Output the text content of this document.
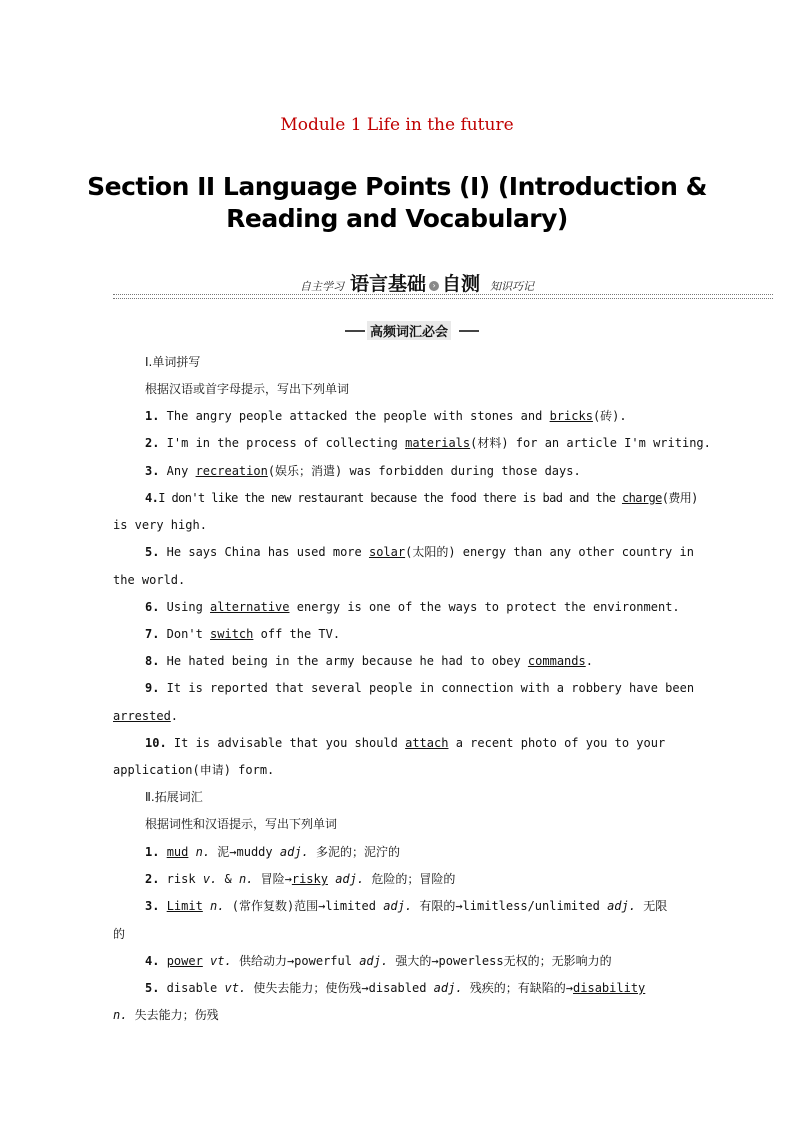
Module 1 Life in the future
Section II Language Points (Ⅰ) (Introduction &
Reading and Vocabulary)
自主学习 语言基础 › 自测 知识巧记
高频词汇必会
Ⅰ.单词拼写
根据汉语或首字母提示，写出下列单词
1. The angry people attacked the people with stones and bricks(砖).
2. I'm in the process of collecting materials(材料) for an article I'm writing.
3. Any recreation(娱乐；消遣) was forbidden during those days.
4.I don't like the new restaurant because the food there is bad and the charge(费用)
is very high.
5. He says China has used more solar(太阳的) energy than any other country in
the world.
6. Using alternative energy is one of the ways to protect the environment.
7. Don't switch off the TV.
8. He hated being in the army because he had to obey commands.
9. It is reported that several people in connection with a robbery have been
arrested.
10. It is advisable that you should attach a recent photo of you to your
application(申请) form.
Ⅱ.拓展词汇
根据词性和汉语提示，写出下列单词
1. mud n. 泥→muddy adj. 多泥的；泥泞的
2. risk v. & n. 冒险→risky adj. 危险的；冒险的
3. Limit n. (常作复数)范围→limited adj. 有限的→limitless/unlimited adj. 无限
的
4. power vt. 供给动力→powerful adj. 强大的→powerless无权的；无影响力的
5. disable vt. 使失去能力；使伤残→disabled adj. 残疾的；有缺陷的→disability
n. 失去能力；伤残
